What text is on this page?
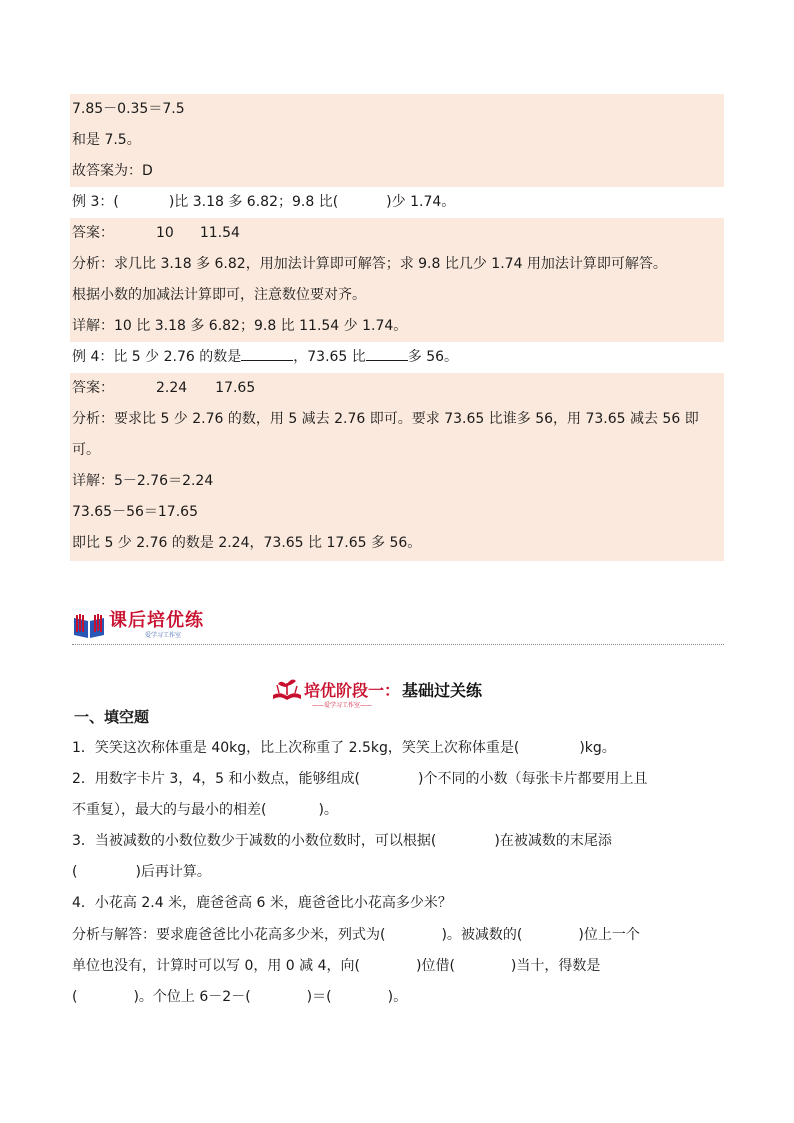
7.85－0.35＝7.5
和是 7.5。
故答案为：D
例 3：(	)比 3.18 多 6.82；9.8 比(	)少 1.74。
答案：	10 11.54
分析：求几比 3.18 多 6.82，用加法计算即可解答；求 9.8 比几少 1.74 用加法计算即可解答。
根据小数的加减法计算即可，注意数位要对齐。
详解：10 比 3.18 多 6.82；9.8 比 11.54 少 1.74。
例 4：比 5 少 2.76 的数是	，73.65 比	多 56。
答案：	2.24 17.65
分析：要求比 5 少 2.76 的数，用 5 减去 2.76 即可。要求 73.65 比谁多 56，用 73.65 减去 56 即
可。
详解：5－2.76＝2.24
73.65－56＝17.65
即比 5 少 2.76 的数是 2.24，73.65 比 17.65 多 56。
课后培优练
爱学习工作室
培优阶段一 ： 基础过关练
——爱学习工作室——
一、填空题
1．笑笑这次称体重是 40kg，比上次称重了 2.5kg，笑笑上次称体重是(	)kg。
2．用数字卡片 3，4，5 和小数点，能够组成(	)个不同的小数（每张卡片都要用上且
不重复），最大的与最小的相差(	)。
3．当被减数的小数位数少于减数的小数位数时，可以根据(	)在被减数的末尾添
(	)后再计算。
4．小花高 2.4 米，鹿爸爸高 6 米，鹿爸爸比小花高多少米？
分析与解答：要求鹿爸爸比小花高多少米，列式为(	)。被减数的(	)位上一个
单位也没有，计算时可以写 0，用 0 减 4，向(	)位借(	)当十，得数是
(	)。个位上 6－2－(	)＝(	)。
